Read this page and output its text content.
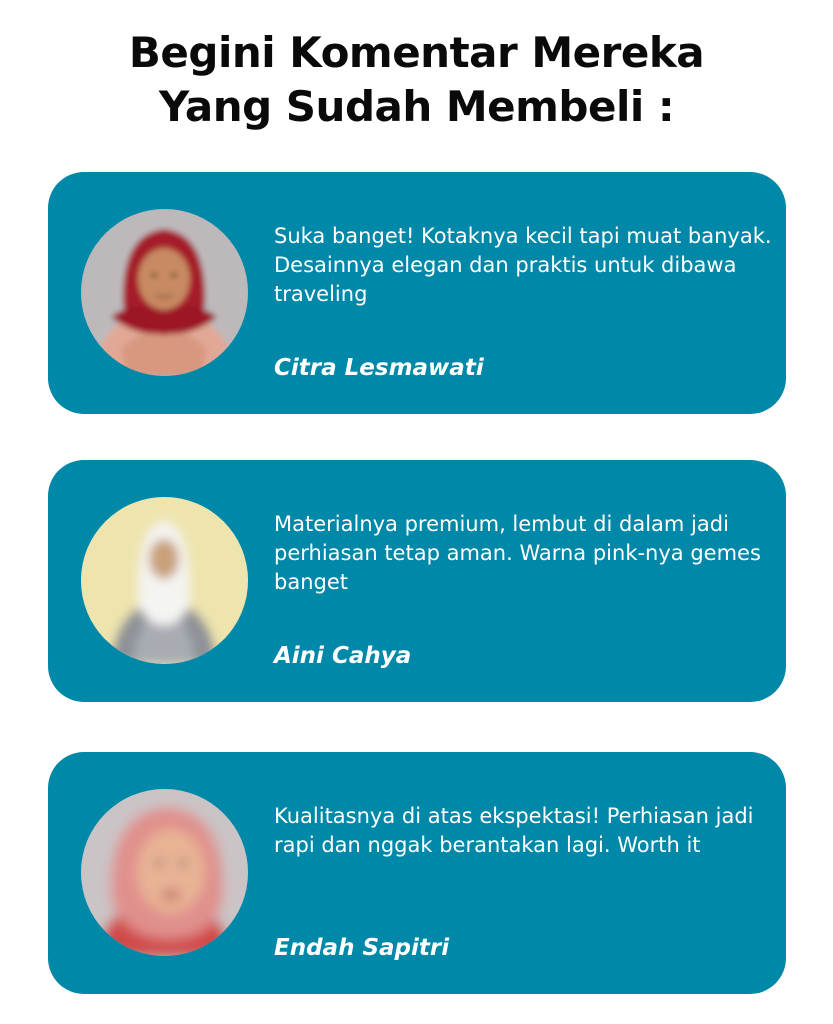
Begini Komentar Mereka
Yang Sudah Membeli :

Suka banget! Kotaknya kecil tapi muat banyak. Desainnya elegan dan praktis untuk dibawa traveling

Citra Lesmawati

Materialnya premium, lembut di dalam jadi perhiasan tetap aman. Warna pink-nya gemes banget

Aini Cahya

Kualitasnya di atas ekspektasi! Perhiasan jadi rapi dan nggak berantakan lagi. Worth it

Endah Sapitri
